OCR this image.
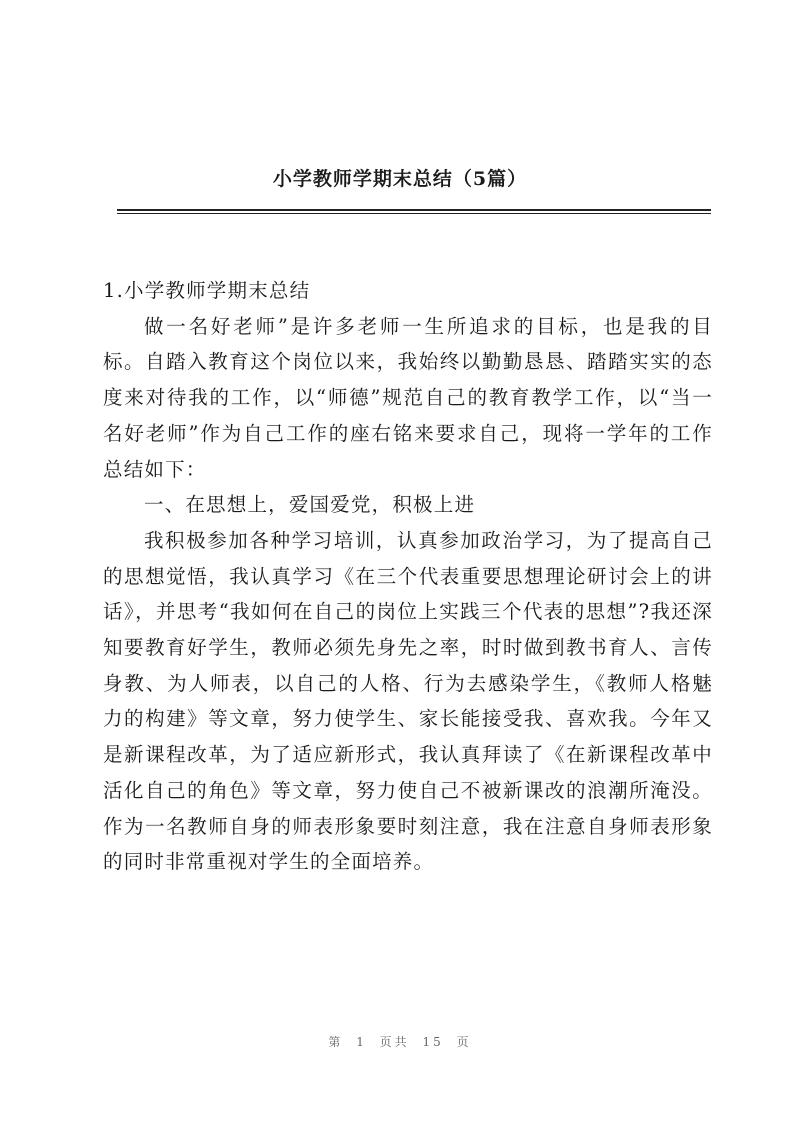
小学教师学期末总结（5篇）

1.小学教师学期末总结

做一名好老师”是许多老师一生所追求的目标，也是我的目标。自踏入教育这个岗位以来，我始终以勤勤恳恳、踏踏实实的态度来对待我的工作，以“师德”规范自己的教育教学工作，以“当一名好老师”作为自己工作的座右铭来要求自己，现将一学年的工作总结如下：

一、在思想上，爱国爱党，积极上进

我积极参加各种学习培训，认真参加政治学习，为了提高自己的思想觉悟，我认真学习《在三个代表重要思想理论研讨会上的讲话》，并思考“我如何在自己的岗位上实践三个代表的思想”?我还深知要教育好学生，教师必须先身先之率，时时做到教书育人、言传身教、为人师表，以自己的人格、行为去感染学生，《教师人格魅力的构建》等文章，努力使学生、家长能接受我、喜欢我。今年又是新课程改革，为了适应新形式，我认真拜读了《在新课程改革中活化自己的角色》等文章，努力使自己不被新课改的浪潮所淹没。作为一名教师自身的师表形象要时刻注意，我在注意自身师表形象的同时非常重视对学生的全面培养。

第 1 页共 15 页
